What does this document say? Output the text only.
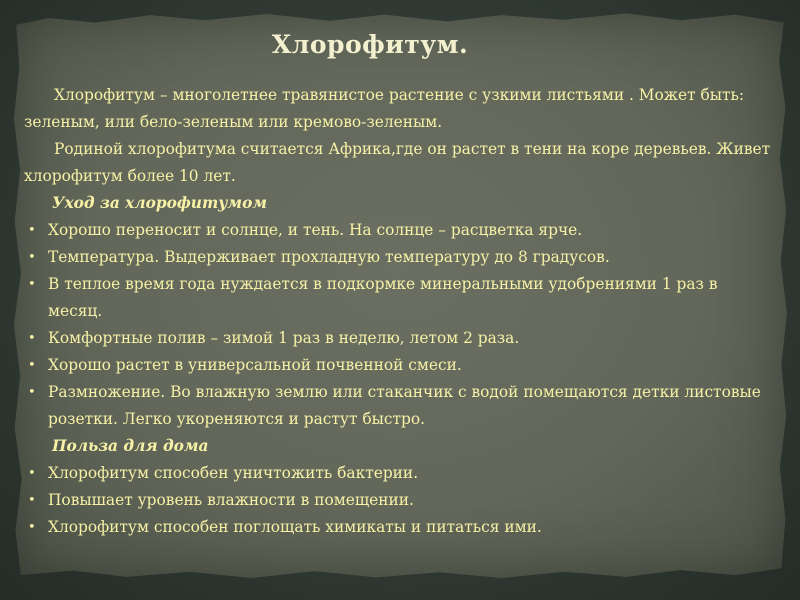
Хлорофитум.

Хлорофитум – многолетнее травянистое растение с узкими листьями . Может быть: зеленым, или бело-зеленым или кремово-зеленым.

Родиной хлорофитума считается Африка,где он растет в тени на коре деревьев. Живет хлорофитум более 10 лет.

Уход за хлорофитумом

• Хорошо переносит и солнце, и тень. На солнце – расцветка ярче.
• Температура. Выдерживает прохладную температуру до 8 градусов.
• В теплое время года нуждается в подкормке минеральными удобрениями 1 раз в месяц.
• Комфортные полив – зимой 1 раз в неделю, летом 2 раза.
• Хорошо растет в универсальной почвенной смеси.
• Размножение. Во влажную землю или стаканчик с водой помещаются детки листовые розетки. Легко укореняются и растут быстро.

Польза для дома

• Хлорофитум способен уничтожить бактерии.
• Повышает уровень влажности в помещении.
• Хлорофитум способен поглощать химикаты и питаться ими.
